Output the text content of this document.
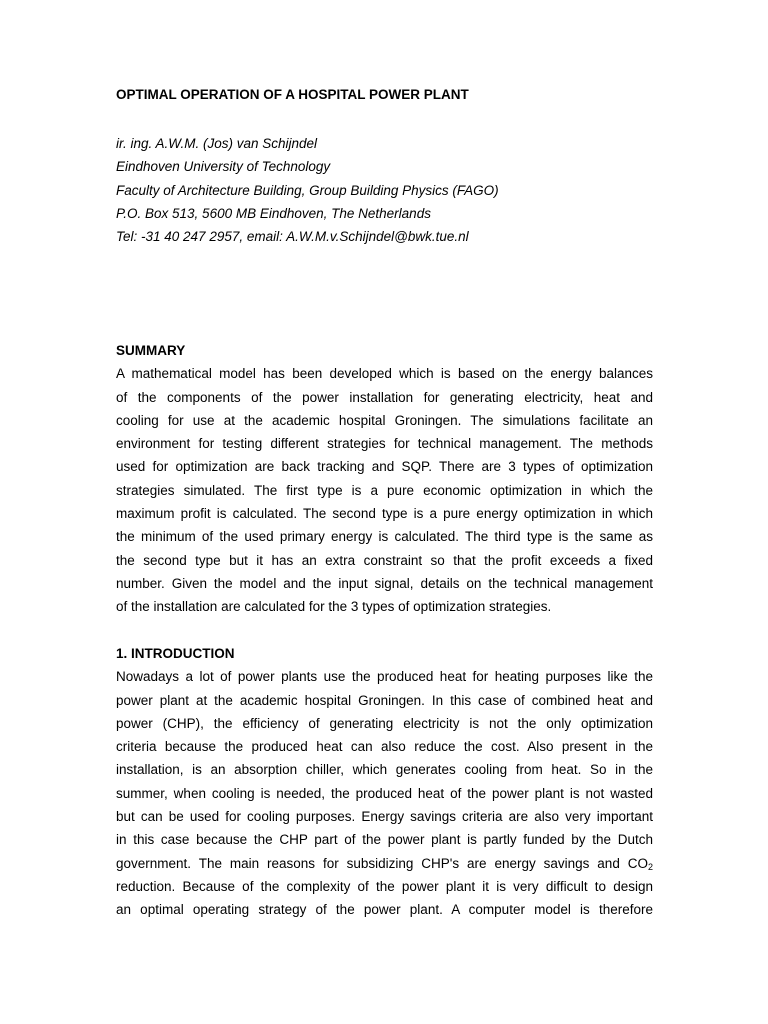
OPTIMAL OPERATION OF A HOSPITAL POWER PLANT
ir. ing. A.W.M. (Jos) van Schijndel
Eindhoven University of Technology
Faculty of Architecture Building, Group Building Physics (FAGO)
P.O. Box 513, 5600 MB Eindhoven, The Netherlands
Tel: -31 40 247 2957, email: A.W.M.v.Schijndel@bwk.tue.nl
SUMMARY
A mathematical model has been developed which is based on the energy balances
of the components of the power installation for generating electricity, heat and
cooling for use at the academic hospital Groningen. The simulations facilitate an
environment for testing different strategies for technical management. The methods
used for optimization are back tracking and SQP. There are 3 types of optimization
strategies simulated. The first type is a pure economic optimization in which the
maximum profit is calculated. The second type is a pure energy optimization in which
the minimum of the used primary energy is calculated. The third type is the same as
the second type but it has an extra constraint so that the profit exceeds a fixed
number. Given the model and the input signal, details on the technical management
of the installation are calculated for the 3 types of optimization strategies.
1. INTRODUCTION
Nowadays a lot of power plants use the produced heat for heating purposes like the
power plant at the academic hospital Groningen. In this case of combined heat and
power (CHP), the efficiency of generating electricity is not the only optimization
criteria because the produced heat can also reduce the cost. Also present in the
installation, is an absorption chiller, which generates cooling from heat. So in the
summer, when cooling is needed, the produced heat of the power plant is not wasted
but can be used for cooling purposes. Energy savings criteria are also very important
in this case because the CHP part of the power plant is partly funded by the Dutch
government. The main reasons for subsidizing CHP's are energy savings and $CO_2$
reduction. Because of the complexity of the power plant it is very difficult to design
an optimal operating strategy of the power plant. A computer model is therefore
